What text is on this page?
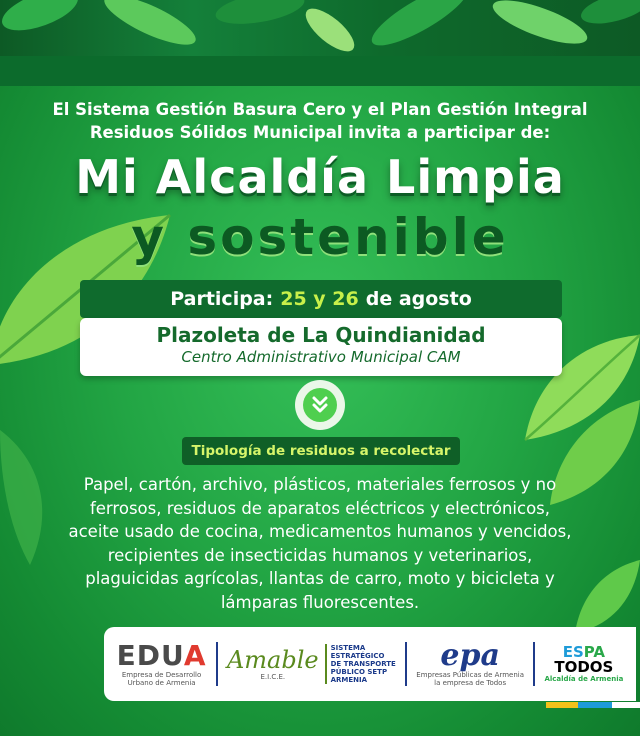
El Sistema Gestión Basura Cero y el Plan Gestión Integral
Residuos Sólidos Municipal invita a participar de:
Mi Alcaldía Limpia
y sostenible
Participa: 25 y 26 de agosto
Plazoleta de La Quindianidad
Centro Administrativo Municipal CAM
Tipología de residuos a recolectar
Papel, cartón, archivo, plásticos, materiales ferrosos y no
ferrosos, residuos de aparatos eléctricos y electrónicos,
aceite usado de cocina, medicamentos humanos y vencidos,
recipientes de insecticidas humanos y veterinarios,
plaguicidas agrícolas, llantas de carro, moto y bicicleta y
lámparas fluorescentes.
EDUA
Empresa de Desarrollo
Urbano de Armenia
Amable
E.I.C.E.
SISTEMA
ESTRATÉGICO
DE TRANSPORTE
PÚBLICO SETP
ARMENIA
epa
Empresas Públicas de Armenia
la empresa de Todos
ESPA
TODOS
Alcaldía de Armenia
